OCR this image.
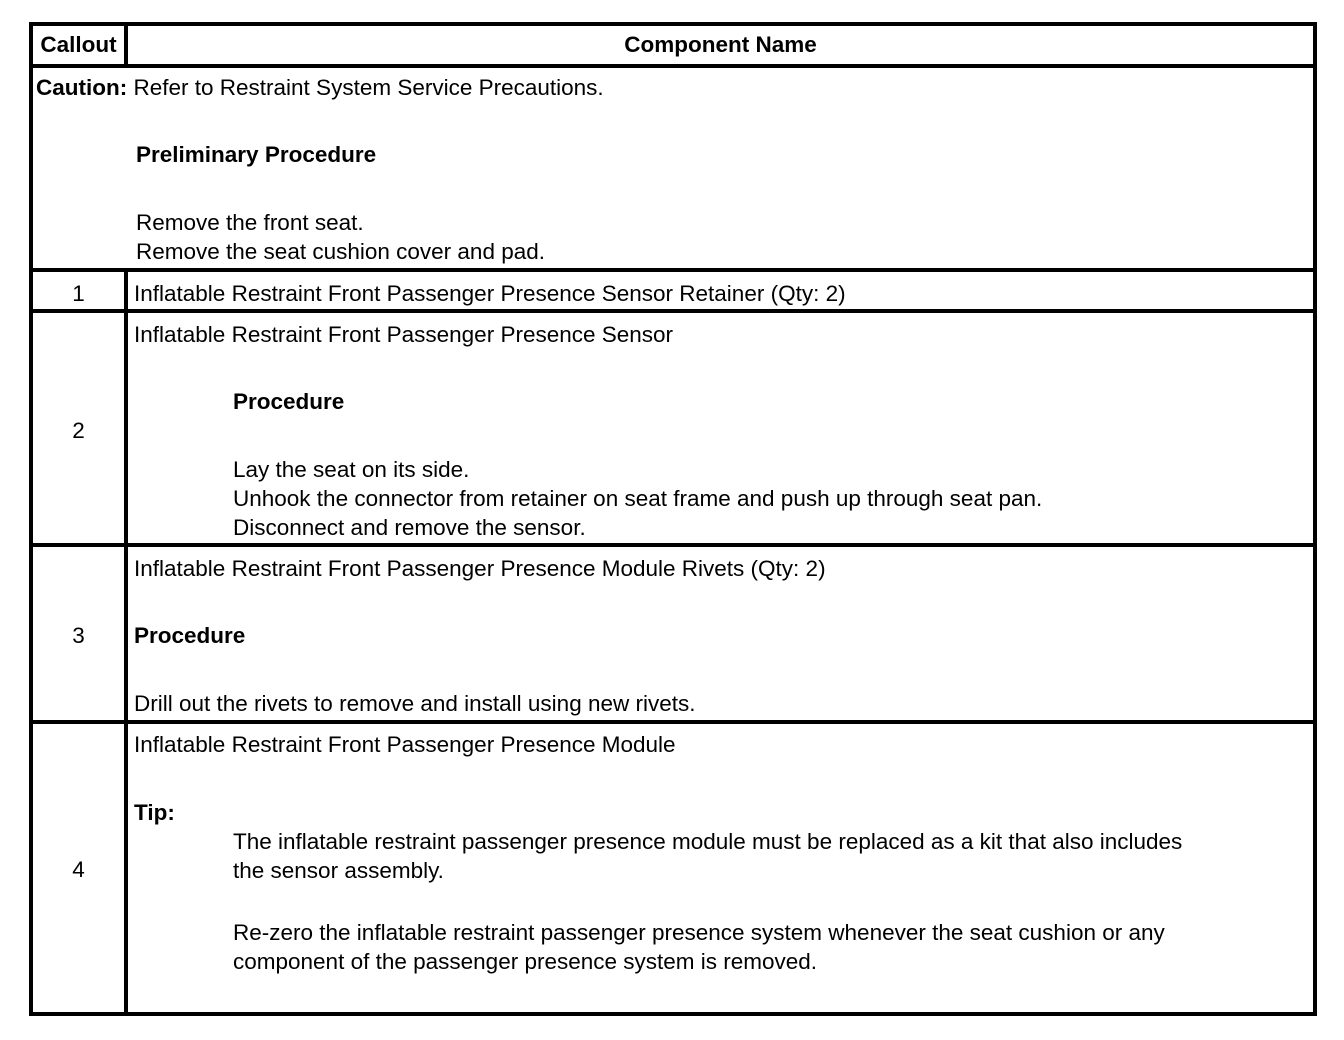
Callout	Component Name
Caution: Refer to Restraint System Service Precautions.
Preliminary Procedure
Remove the front seat.
Remove the seat cushion cover and pad.
1	Inflatable Restraint Front Passenger Presence Sensor Retainer (Qty: 2)
2
Inflatable Restraint Front Passenger Presence Sensor
Procedure
Lay the seat on its side.
Unhook the connector from retainer on seat frame and push up through seat pan.
Disconnect and remove the sensor.
3
Inflatable Restraint Front Passenger Presence Module Rivets (Qty: 2)
Procedure
Drill out the rivets to remove and install using new rivets.
4
Inflatable Restraint Front Passenger Presence Module
Tip:
The inflatable restraint passenger presence module must be replaced as a kit that also includes
the sensor assembly.
Re-zero the inflatable restraint passenger presence system whenever the seat cushion or any
component of the passenger presence system is removed.
